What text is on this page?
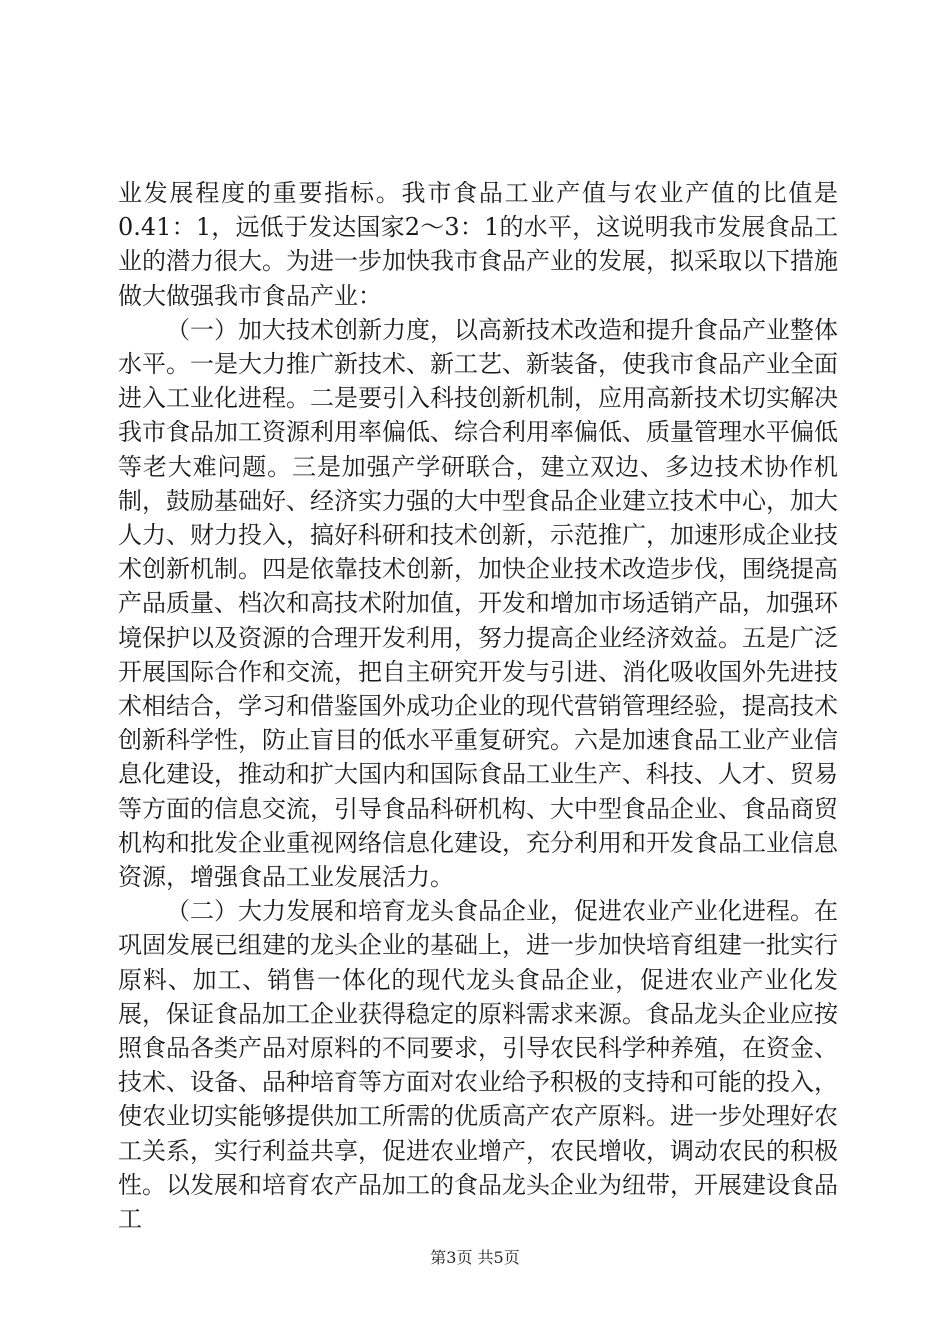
业发展程度的重要指标。我市食品工业产值与农业产值的比值是0.41：1，远低于发达国家2～3：1的水平，这说明我市发展食品工业的潜力很大。为进一步加快我市食品产业的发展，拟采取以下措施做大做强我市食品产业：

（一）加大技术创新力度，以高新技术改造和提升食品产业整体水平。一是大力推广新技术、新工艺、新装备，使我市食品产业全面进入工业化进程。二是要引入科技创新机制，应用高新技术切实解决我市食品加工资源利用率偏低、综合利用率偏低、质量管理水平偏低等老大难问题。三是加强产学研联合，建立双边、多边技术协作机制，鼓励基础好、经济实力强的大中型食品企业建立技术中心，加大人力、财力投入，搞好科研和技术创新，示范推广，加速形成企业技术创新机制。四是依靠技术创新，加快企业技术改造步伐，围绕提高产品质量、档次和高技术附加值，开发和增加市场适销产品，加强环境保护以及资源的合理开发利用，努力提高企业经济效益。五是广泛开展国际合作和交流，把自主研究开发与引进、消化吸收国外先进技术相结合，学习和借鉴国外成功企业的现代营销管理经验，提高技术创新科学性，防止盲目的低水平重复研究。六是加速食品工业产业信息化建设，推动和扩大国内和国际食品工业生产、科技、人才、贸易等方面的信息交流，引导食品科研机构、大中型食品企业、食品商贸机构和批发企业重视网络信息化建设，充分利用和开发食品工业信息资源，增强食品工业发展活力。

（二）大力发展和培育龙头食品企业，促进农业产业化进程。在巩固发展已组建的龙头企业的基础上，进一步加快培育组建一批实行原料、加工、销售一体化的现代龙头食品企业，促进农业产业化发展，保证食品加工企业获得稳定的原料需求来源。食品龙头企业应按照食品各类产品对原料的不同要求，引导农民科学种养殖，在资金、技术、设备、品种培育等方面对农业给予积极的支持和可能的投入，使农业切实能够提供加工所需的优质高产农产原料。进一步处理好农工关系，实行利益共享，促进农业增产，农民增收，调动农民的积极性。以发展和培育农产品加工的食品龙头企业为纽带，开展建设食品工

第3页 共5页
